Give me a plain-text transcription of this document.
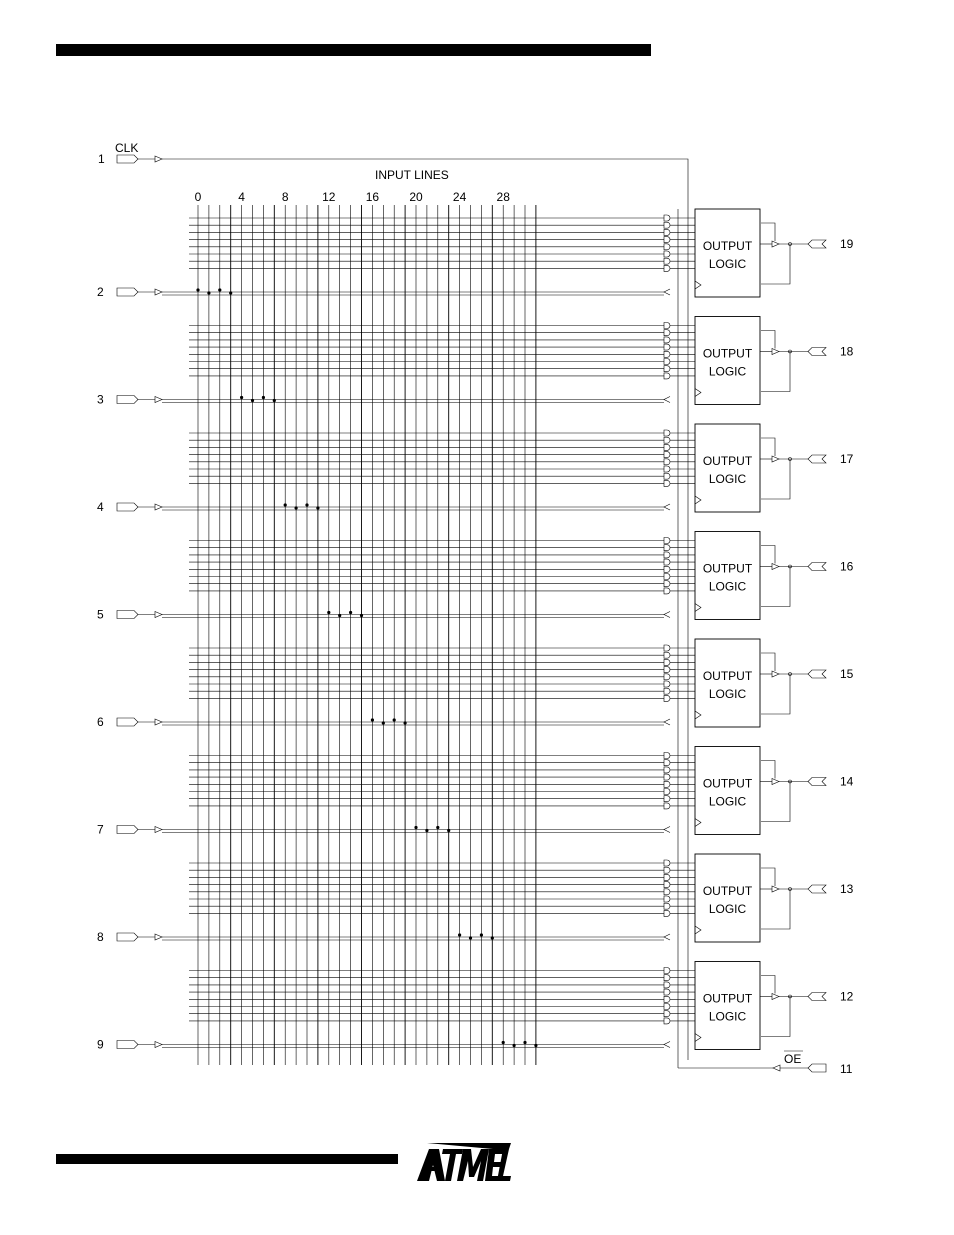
CLK
INPUT LINES
0	4	8	12	16	20	24	28
1
2
3
4
5
6
7
8
9
OUTPUT
LOGIC
19
OUTPUT
LOGIC
18
OUTPUT
LOGIC
17
OUTPUT
LOGIC
16
OUTPUT
LOGIC
15
OUTPUT
LOGIC
14
OUTPUT
LOGIC
13
OUTPUT
LOGIC
12
OE
11
